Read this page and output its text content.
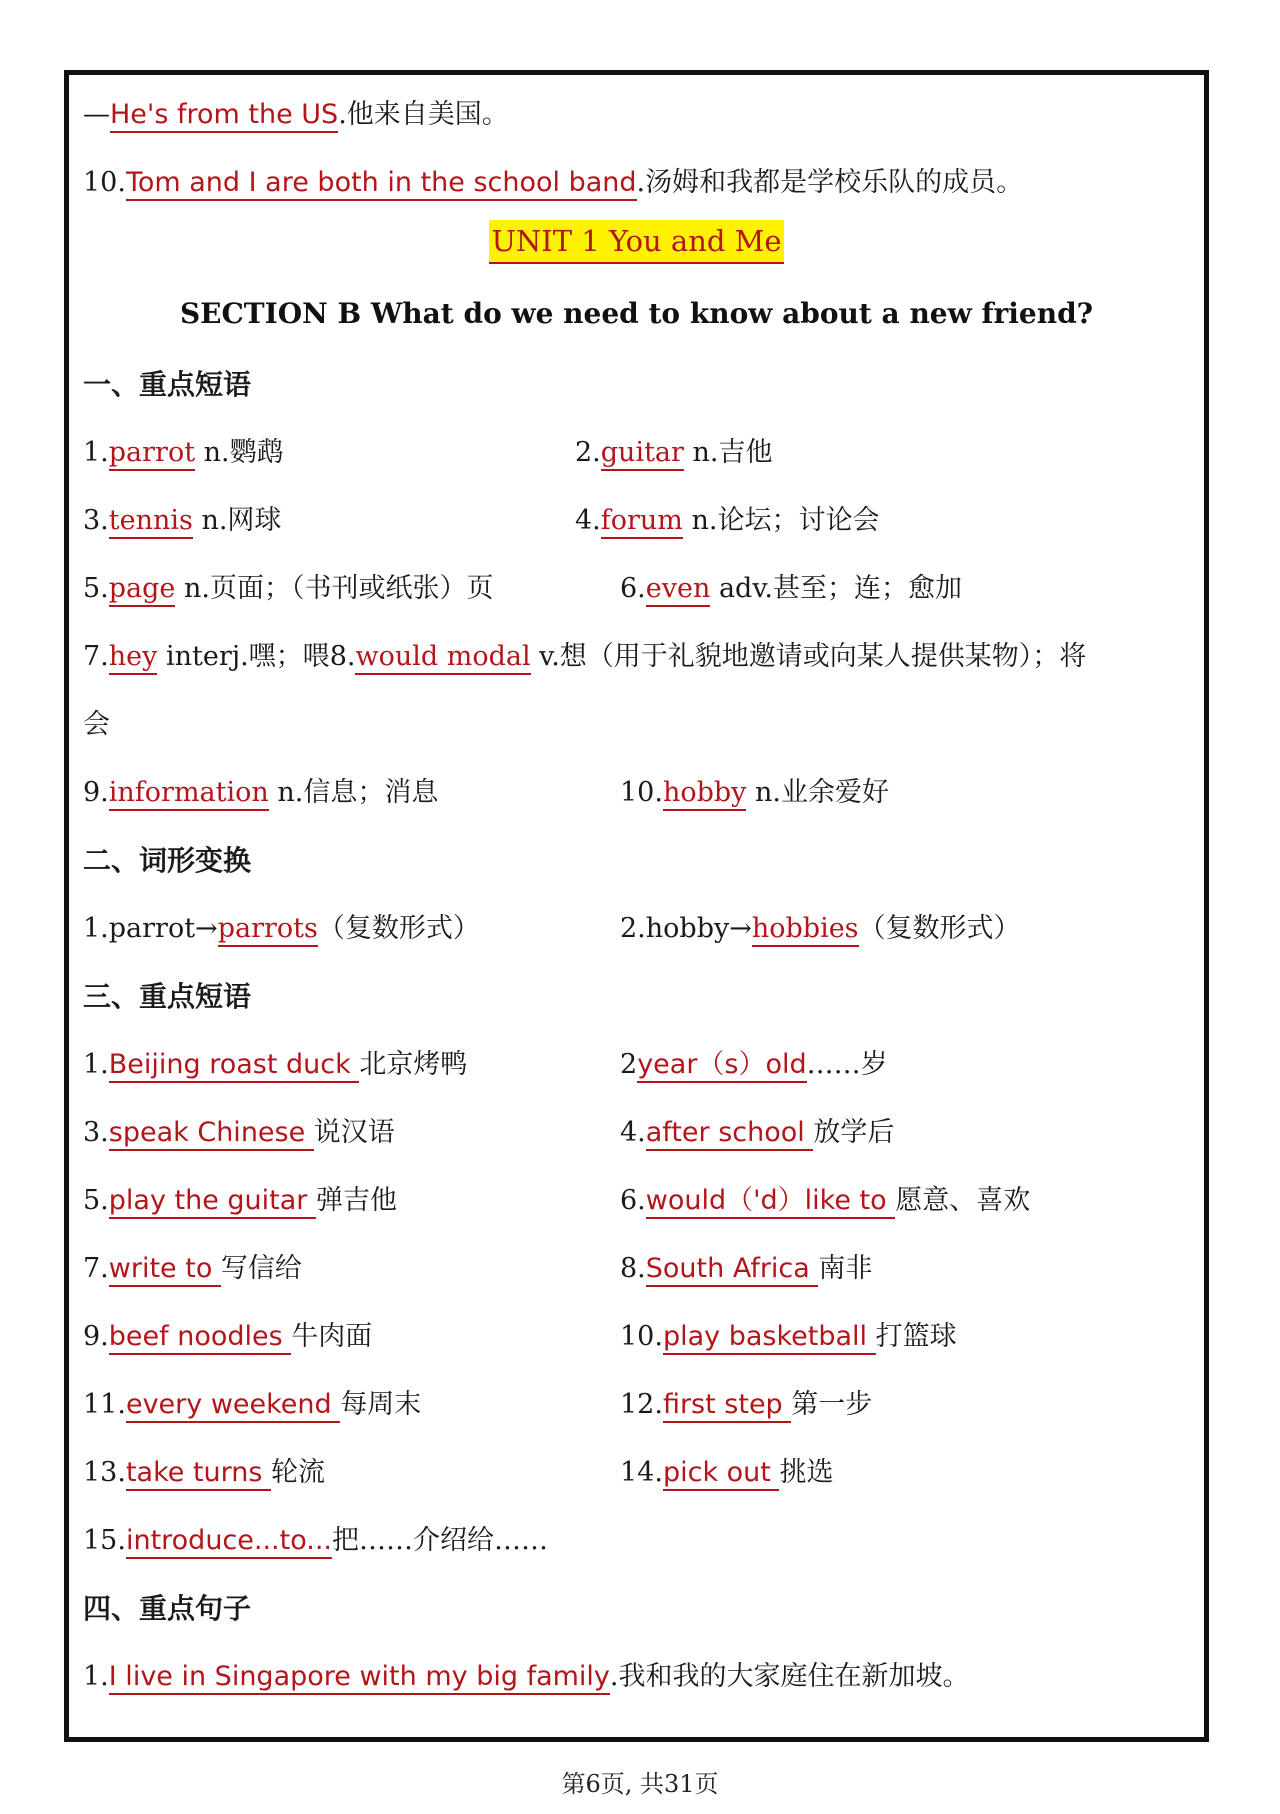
—He's from the US.他来自美国。
10.Tom and I are both in the school band.汤姆和我都是学校乐队的成员。
UNIT 1 You and Me
SECTION B What do we need to know about a new friend?
一、重点短语
1.parrot n.鹦鹉	2.guitar n.吉他
3.tennis n.网球	4.forum n.论坛；讨论会
5.page n.页面；（书刊或纸张）页	6.even adv.甚至；连；愈加
7.hey interj.嘿；喂8.would modal v.想（用于礼貌地邀请或向某人提供某物）；将
会
9.information n.信息；消息	10.hobby n.业余爱好
二、词形变换
1.parrot→parrots（复数形式）	2.hobby→hobbies（复数形式）
三、重点短语
1.Beijing roast duck 北京烤鸭	2year（s）old……岁
3.speak Chinese 说汉语	4.after school 放学后
5.play the guitar 弹吉他	6.would（'d）like to 愿意、喜欢
7.write to 写信给	8.South Africa 南非
9.beef noodles 牛肉面	10.play basketball 打篮球
11.every weekend 每周末	12.first step 第一步
13.take turns 轮流	14.pick out 挑选
15.introduce...to...把……介绍给……
四、重点句子
1.I live in Singapore with my big family.我和我的大家庭住在新加坡。
第6页, 共31页
